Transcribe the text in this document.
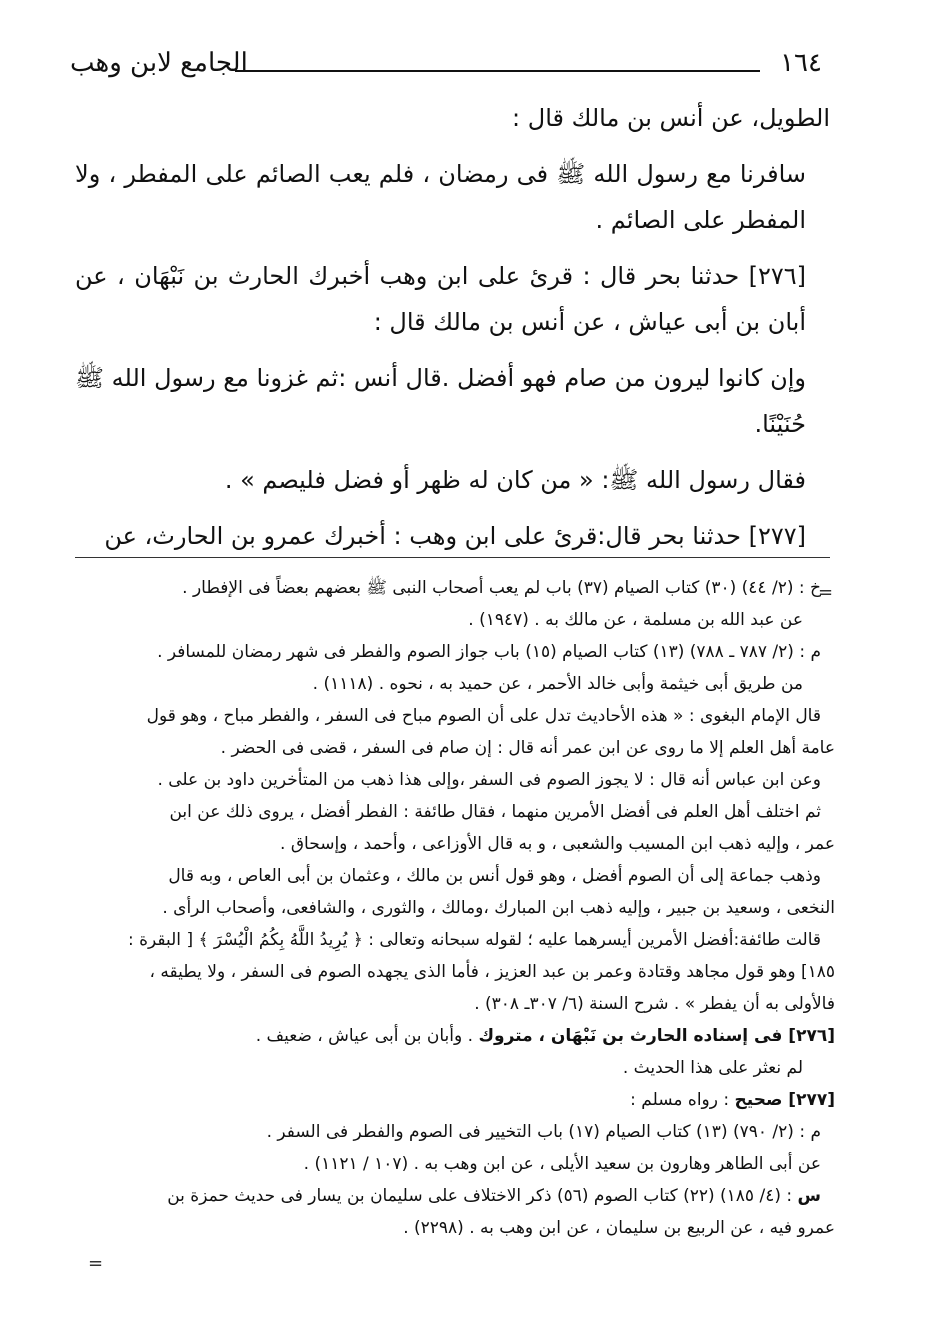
١٦٤
الجامع لابن وهب

الطويل، عن أنس بن مالك قال :

سافرنا مع رسول الله ﷺ فى رمضان ، فلم يعب الصائم على المفطر ، ولا المفطر على الصائم .

[٢٧٦] حدثنا بحر قال : قرئ على ابن وهب أخبرك الحارث بن نَبْهَان ، عن أبان بن أبى عياش ، عن أنس بن مالك قال :

وإن كانوا ليرون من صام فهو أفضل .قال أنس :ثم غزونا مع رسول الله ﷺ حُنَيْنًا.

فقال رسول الله ﷺ: « من كان له ظهر أو فضل فليصم » .

[٢٧٧] حدثنا بحر قال:قرئ على ابن وهب : أخبرك عمرو بن الحارث، عن

=
=

خ : (٢/ ٤٤) (٣٠) كتاب الصيام (٣٧) باب لم يعب أصحاب النبى ﷺ بعضهم بعضاً فى الإفطار .

عن عبد الله بن مسلمة ، عن مالك به . (١٩٤٧) .

م : (٢/ ٧٨٧ ـ ٧٨٨) (١٣) كتاب الصيام (١٥) باب جواز الصوم والفطر فى شهر رمضان للمسافر .

من طريق أبى خيثمة وأبى خالد الأحمر ، عن حميد به ، نحوه . (١١١٨) .

قال الإمام البغوى : « هذه الأحاديث تدل على أن الصوم مباح فى السفر ، والفطر مباح ، وهو قول

عامة أهل العلم إلا ما روى عن ابن عمر أنه قال : إن صام فى السفر ، قضى فى الحضر .

وعن ابن عباس أنه قال : لا يجوز الصوم فى السفر ،وإلى هذا ذهب من المتأخرين داود بن على .

ثم اختلف أهل العلم فى أفضل الأمرين منهما ، فقال طائفة : الفطر أفضل ، يروى ذلك عن ابن

عمر ، وإليه ذهب ابن المسيب والشعبى ، و به قال الأوزاعى ، وأحمد ، وإسحاق .

وذهب جماعة إلى أن الصوم أفضل ، وهو قول أنس بن مالك ، وعثمان بن أبى العاص ، وبه قال

النخعى ، وسعيد بن جبير ، وإليه ذهب ابن المبارك ،ومالك ، والثورى ، والشافعى، وأصحاب الرأى .

قالت طائفة:أفضل الأمرين أيسرهما عليه ؛ لقوله سبحانه وتعالى : ﴿ يُرِيدُ اللَّهُ بِكُمُ الْيُسْرَ ﴾ [ البقرة :

١٨٥] وهو قول مجاهد وقتادة وعمر بن عبد العزيز ، فأما الذى يجهده الصوم فى السفر ، ولا يطيقه ،

فالأولى به أن يفطر » . شرح السنة (٦/ ٣٠٧ـ ٣٠٨) .

[٢٧٦] فى إسناده الحارث بن نَبْهَان ، متروك . وأبان بن أبى عياش ، ضعيف .

لم نعثر على هذا الحديث .

[٢٧٧] صحيح : رواه مسلم :

م : (٢/ ٧٩٠) (١٣) كتاب الصيام (١٧) باب التخيير فى الصوم والفطر فى السفر .

عن أبى الطاهر وهارون بن سعيد الأيلى ، عن ابن وهب به . (١٠٧ / ١١٢١) .

س : (٤/ ١٨٥) (٢٢) كتاب الصوم (٥٦) ذكر الاختلاف على سليمان بن يسار فى حديث حمزة بن

عمرو فيه ، عن الربيع بن سليمان ، عن ابن وهب به . (٢٢٩٨) .
